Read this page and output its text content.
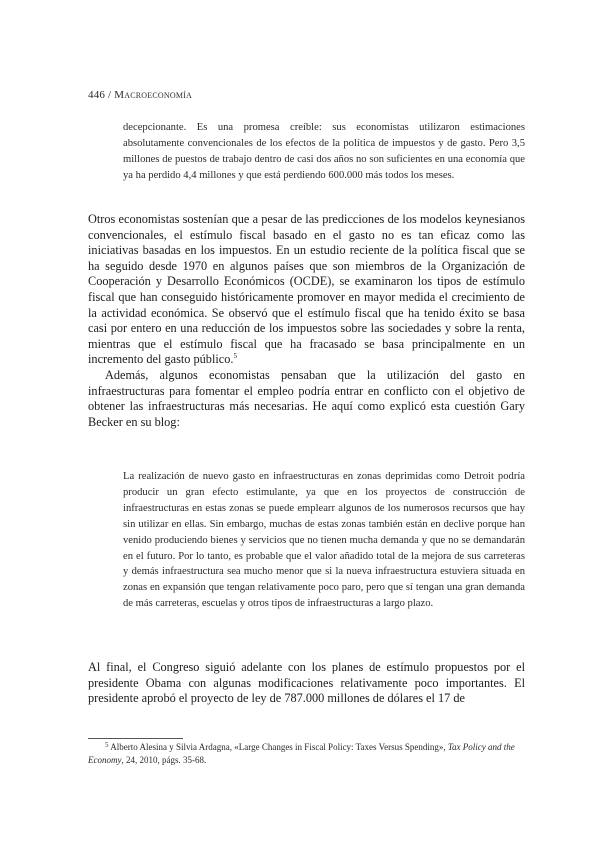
446 / Macroeconomía
decepcionante. Es una promesa creíble: sus economistas utilizaron estimaciones absolutamente convencionales de los efectos de la política de impuestos y de gasto. Pero 3,5 millones de puestos de trabajo dentro de casi dos años no son suficientes en una economía que ya ha perdido 4,4 millones y que está perdiendo 600.000 más todos los meses.

Otros economistas sostenían que a pesar de las predicciones de los modelos keynesianos convencionales, el estímulo fiscal basado en el gasto no es tan eficaz como las iniciativas basadas en los impuestos. En un estudio reciente de la política fiscal que se ha seguido desde 1970 en algunos países que son miembros de la Organización de Cooperación y Desarrollo Económicos (OCDE), se examinaron los tipos de estímulo fiscal que han conseguido históricamente promover en mayor medida el crecimiento de la actividad económica. Se observó que el estímulo fiscal que ha tenido éxito se basa casi por entero en una reducción de los impuestos sobre las sociedades y sobre la renta, mientras que el estímulo fiscal que ha fracasado se basa principalmente en un incremento del gasto público.$^5$

Además, algunos economistas pensaban que la utilización del gasto en infraestructuras para fomentar el empleo podría entrar en conflicto con el objetivo de obtener las infraestructuras más necesarias. He aquí como explicó esta cuestión Gary Becker en su blog:

La realización de nuevo gasto en infraestructuras en zonas deprimidas como Detroit podría producir un gran efecto estimulante, ya que en los proyectos de construcción de infraestructuras en estas zonas se puede emplearr algunos de los numerosos recursos que hay sin utilizar en ellas. Sin embargo, muchas de estas zonas también están en declive porque han venido produciendo bienes y servicios que no tienen mucha demanda y que no se demandarán en el futuro. Por lo tanto, es probable que el valor añadido total de la mejora de sus carreteras y demás infraestructura sea mucho menor que si la nueva infraestructura estuviera situada en zonas en expansión que tengan relativamente poco paro, pero que sí tengan una gran demanda de más carreteras, escuelas y otros tipos de infraestructuras a largo plazo.

Al final, el Congreso siguió adelante con los planes de estímulo propuestos por el presidente Obama con algunas modificaciones relativamente poco importantes. El presidente aprobó el proyecto de ley de 787.000 millones de dólares el 17 de

$^5$ Alberto Alesina y Silvia Ardagna, «Large Changes in Fiscal Policy: Taxes Versus Spending», Tax Policy and the Economy, 24, 2010, págs. 35-68.
